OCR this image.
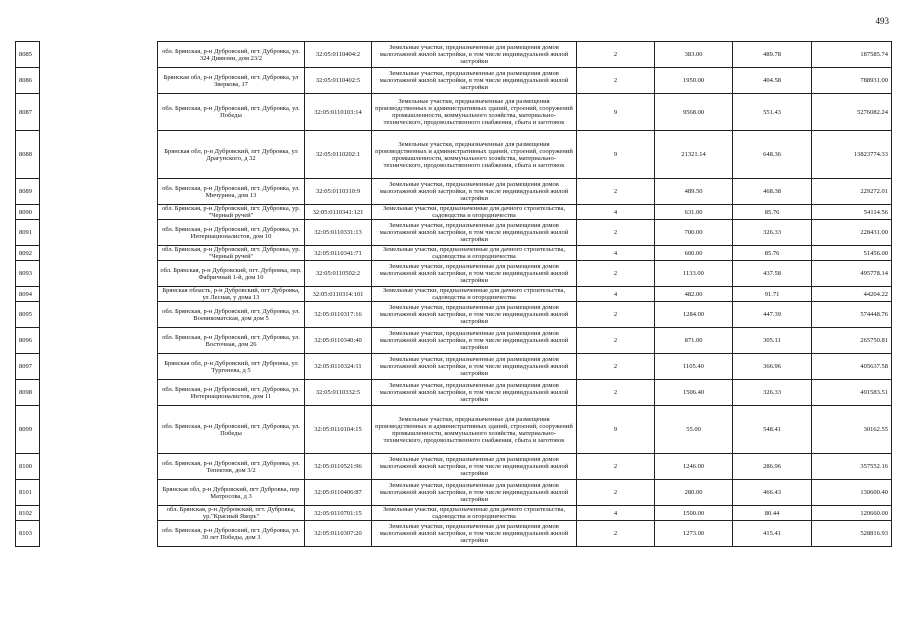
493
8085		обл. Брянская, р-н Дубровский, пгт. Дубровка, ул. 324 Дивизии, дом 23/2	32:05:0110404:2	Земельные участки, предназначенные для размещения домов малоэтажной жилой застройки, в том числе индивидуальной жилой застройки	2	383.00	489.78	187585.74
8086		Брянская обл, р-н Дубровский, пгт. Дубровка, ул Зверкова, 17	32:05:0110402:5	Земельные участки, предназначенные для размещения домов малоэтажной жилой застройки, в том числе индивидуальной жилой застройки	2	1950.00	404.58	788931.00
8087		обл. Брянская, р-н Дубровский, пгт. Дубровка, ул. Победы	32:05:0110103:14	Земельные участки, предназначенные для размещения производственных и административных зданий, строений, сооружений промышленности, коммунального хозяйства, материально-технического, продовольственного снабжения, сбыта и заготовок	9	9568.00	551.43	5276082.24
8088		Брянская обл, р-н Дубровский, пгт Дубровка, ул Драгунского, д 32	32:05:0110202:1	Земельные участки, предназначенные для размещения производственных и административных зданий, строений, сооружений промышленности, коммунального хозяйства, материально-технического, продовольственного снабжения, сбыта и заготовок	9	21321.14	648.36	13823774.33
8089		обл. Брянская, р-н Дубровский, пгт. Дубровка, ул. Мичурина, дом 13	32:05:0110310:9	Земельные участки, предназначенные для размещения домов малоэтажной жилой застройки, в том числе индивидуальной жилой застройки	2	489.50	468.38	229272.01
8090		обл. Брянская, р-н Дубровский, пгт. Дубровка, ур. "Черный ручей"	32:05:0110341:121	Земельные участки, предназначенные для дачного строительства, садоводства и огородничества	4	631.00	85.76	54114.56
8091		обл. Брянская, р-н Дубровский, пгт. Дубровка, ул. Интернационалистов, дом 10	32:05:0110331:13	Земельные участки, предназначенные для размещения домов малоэтажной жилой застройки, в том числе индивидуальной жилой застройки	2	700.00	326.33	228431.00
8092		обл. Брянская, р-н Дубровский, пгт. Дубровка, ур. "Черный ручей"	32:05:0110341:71	Земельные участки, предназначенные для дачного строительства, садоводства и огородничества	4	600.00	85.76	51456.00
8093		обл. Брянская, р-н Дубровский, пгт. Дубровка, пер. Фабричный 1-й, дом 10	32:05:0110502:2	Земельные участки, предназначенные для размещения домов малоэтажной жилой застройки, в том числе индивидуальной жилой застройки	2	1133.00	437.58	495778.14
8094		Брянская область, р-н Дубровский, пгт Дубровка, ул Лесная, у дома 13	32:05:0110314:101	Земельные участки, предназначенные для дачного строительства, садоводства и огородничества	4	482.00	91.71	44204.22
8095		обл. Брянская, р-н Дубровский, пгт. Дубровка, ул. Воевикоматская, дом дом 5	32:05:0110317:16	Земельные участки, предназначенные для размещения домов малоэтажной жилой застройки, в том числе индивидуальной жилой застройки	2	1284.00	447.39	574448.76
8096		обл. Брянская, р-н Дубровский, пгт. Дубровка, ул. Восточная, дом 26	32:05:0110340:40	Земельные участки, предназначенные для размещения домов малоэтажной жилой застройки, в том числе индивидуальной жилой застройки	2	871.00	305.11	265750.81
8097		Брянская обл, р-н Дубровский, пгт Дубровка, ул Тургенева, д 5	32:05:0110324:11	Земельные участки, предназначенные для размещения домов малоэтажной жилой застройки, в том числе индивидуальной жилой застройки	2	1105.40	366.96	405637.58
8098		обл. Брянская, р-н Дубровский, пгт. Дубровка, ул. Интернационалистов, дом 11	32:05:0110332:5	Земельные участки, предназначенные для размещения домов малоэтажной жилой застройки, в том числе индивидуальной жилой застройки	2	1506.40	326.33	491583.51
8099		обл. Брянская, р-н Дубровский, пгт. Дубровка, ул. Победы	32:05:0110104:15	Земельные участки, предназначенные для размещения производственных и административных зданий, строений, сооружений промышленности, коммунального хозяйства, материально-технического, продовольственного снабжения, сбыта и заготовок	9	55.00	548.41	30162.55
8100		обл. Брянская, р-н Дубровский, пгт. Дубровка, ул. Тепектив, дом 3/2	32:05:0110521:96	Земельные участки, предназначенные для размещения домов малоэтажной жилой застройки, в том числе индивидуальной жилой застройки	2	1246.00	286.96	357552.16
8101		Брянская обл, р-н Дубровский, пгт Дубровка, пер Матросова, д 3	32:05:0110406:87	Земельные участки, предназначенные для размещения домов малоэтажной жилой застройки, в том числе индивидуальной жилой застройки	2	280.00	466.43	130600.40
8102		обл. Брянская, р-н Дубровский, пгт. Дубровка, ур."Красный Якорь"	32:05:0110701:15	Земельные участки, предназначенные для дачного строительства, садоводства и огородничества	4	1500.00	80.44	120660.00
8103		обл. Брянская, р-н Дубровский, пгт. Дубровка, ул. 30 лет Победы, дом 3	32:05:0110307:20	Земельные участки, предназначенные для размещения домов малоэтажной жилой застройки, в том числе индивидуальной жилой застройки	2	1273.00	415.41	528816.93
